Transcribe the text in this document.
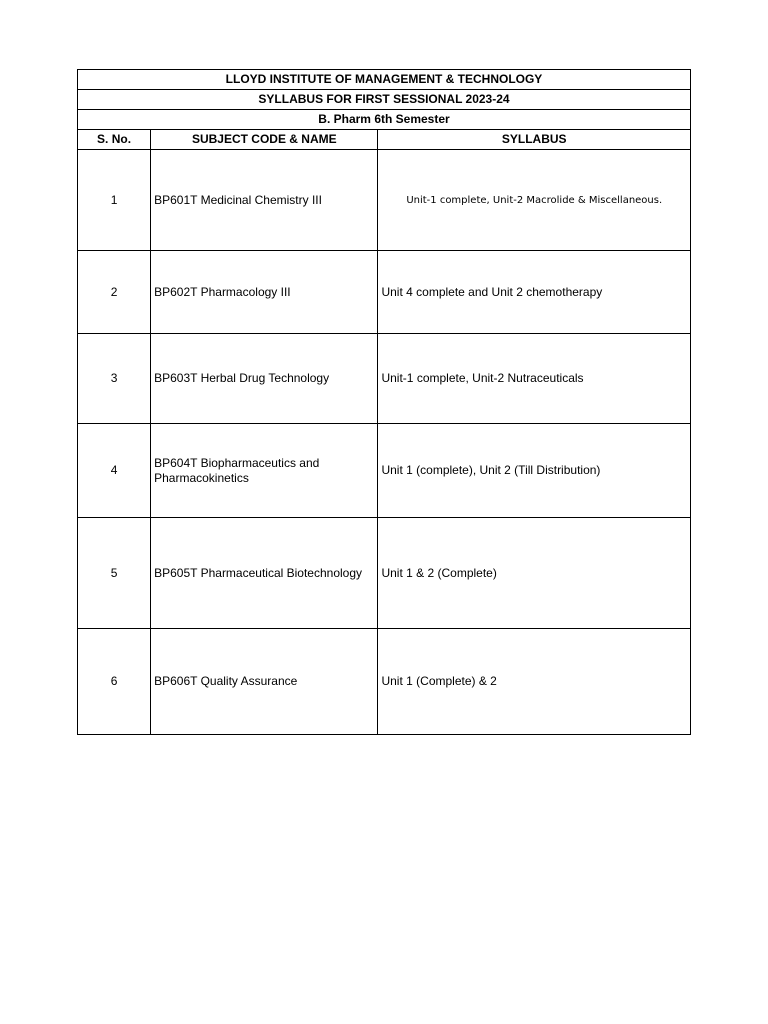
LLOYD INSTITUTE OF MANAGEMENT & TECHNOLOGY		
SYLLABUS FOR FIRST SESSIONAL 2023-24		
B. Pharm 6th Semester		
S. No.	SUBJECT CODE & NAME	SYLLABUS
1	BP601T Medicinal Chemistry III	Unit-1 complete, Unit-2 Macrolide & Miscellaneous.
2	BP602T Pharmacology III	Unit 4 complete and Unit 2 chemotherapy
3	BP603T Herbal Drug Technology	Unit-1 complete, Unit-2 Nutraceuticals
4	BP604T Biopharmaceutics and Pharmacokinetics	Unit 1 (complete), Unit 2 (Till Distribution)
5	BP605T Pharmaceutical Biotechnology	Unit 1 & 2 (Complete)
6	BP606T Quality Assurance	Unit 1 (Complete) & 2
